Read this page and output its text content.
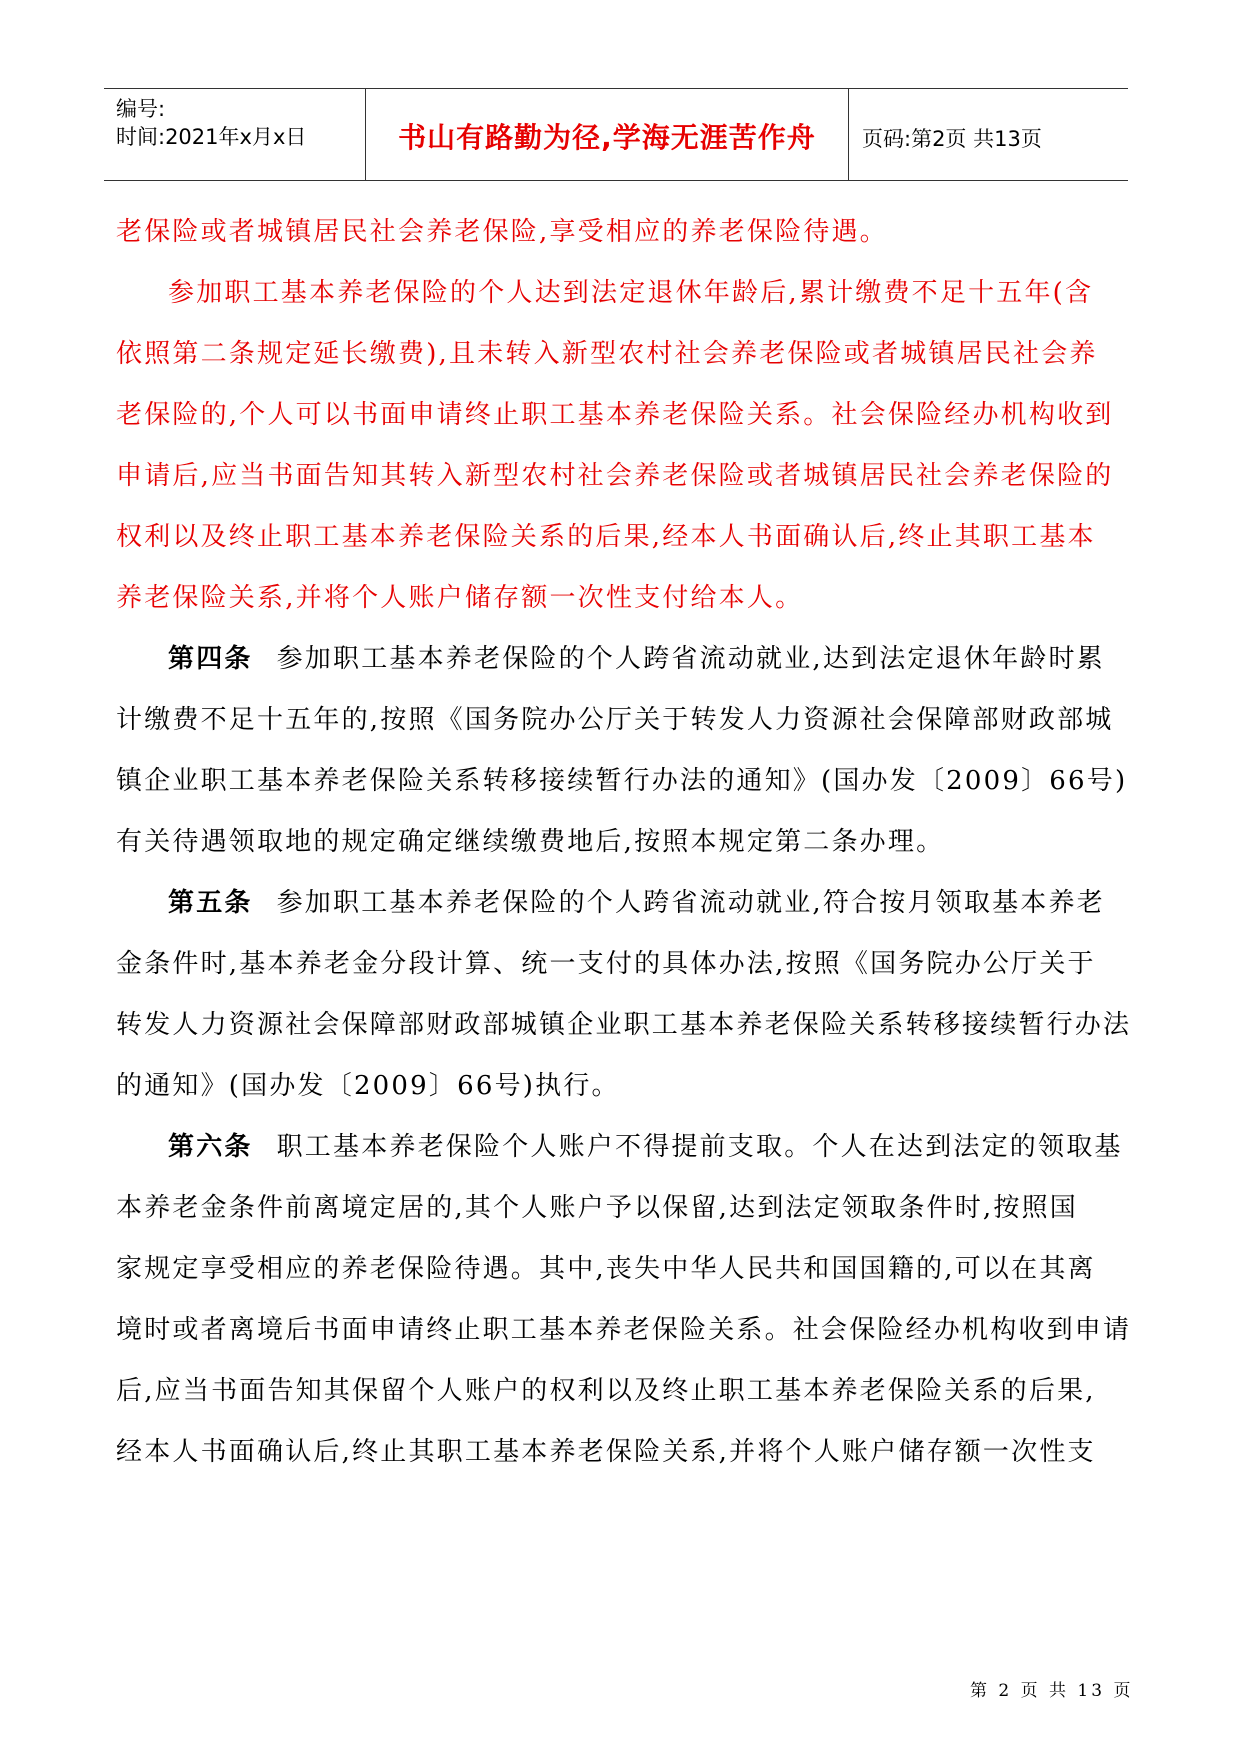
编号:
时间:2021年x月x日	书山有路勤为径,学海无涯苦作舟	页码:第2页 共13页
老保险或者城镇居民社会养老保险,享受相应的养老保险待遇。
参加职工基本养老保险的个人达到法定退休年龄后,累计缴费不足十五年(含
依照第二条规定延长缴费),且未转入新型农村社会养老保险或者城镇居民社会养
老保险的,个人可以书面申请终止职工基本养老保险关系。社会保险经办机构收到
申请后,应当书面告知其转入新型农村社会养老保险或者城镇居民社会养老保险的
权利以及终止职工基本养老保险关系的后果,经本人书面确认后,终止其职工基本
养老保险关系,并将个人账户储存额一次性支付给本人。
第四条 参加职工基本养老保险的个人跨省流动就业,达到法定退休年龄时累
计缴费不足十五年的,按照《国务院办公厅关于转发人力资源社会保障部财政部城
镇企业职工基本养老保险关系转移接续暂行办法的通知》(国办发〔2009〕66号)
有关待遇领取地的规定确定继续缴费地后,按照本规定第二条办理。
第五条 参加职工基本养老保险的个人跨省流动就业,符合按月领取基本养老
金条件时,基本养老金分段计算、统一支付的具体办法,按照《国务院办公厅关于
转发人力资源社会保障部财政部城镇企业职工基本养老保险关系转移接续暂行办法
的通知》(国办发〔2009〕66号)执行。
第六条 职工基本养老保险个人账户不得提前支取。个人在达到法定的领取基
本养老金条件前离境定居的,其个人账户予以保留,达到法定领取条件时,按照国
家规定享受相应的养老保险待遇。其中,丧失中华人民共和国国籍的,可以在其离
境时或者离境后书面申请终止职工基本养老保险关系。社会保险经办机构收到申请
后,应当书面告知其保留个人账户的权利以及终止职工基本养老保险关系的后果,
经本人书面确认后,终止其职工基本养老保险关系,并将个人账户储存额一次性支
第 2 页 共 13 页
